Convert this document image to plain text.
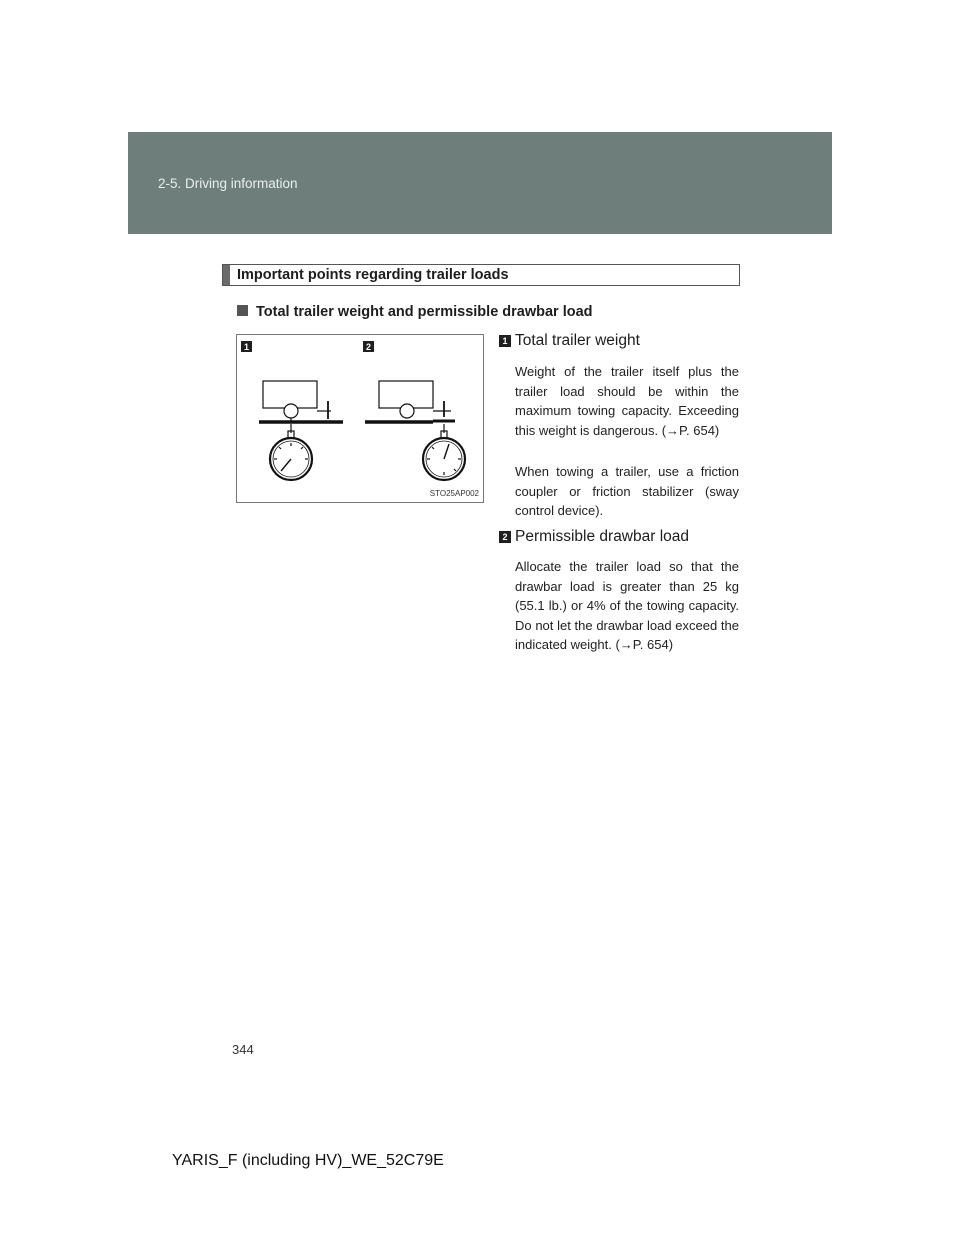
2-5. Driving information
Important points regarding trailer loads
Total trailer weight and permissible drawbar load
1	2
STO25AP002
1 Total trailer weight
Weight of the trailer itself plus the trailer load should be within the maximum towing capacity. Exceeding this weight is dangerous. (→P. 654)
When towing a trailer, use a friction coupler or friction stabilizer (sway control device).
2 Permissible drawbar load
Allocate the trailer load so that the drawbar load is greater than 25 kg (55.1 lb.) or 4% of the towing capacity. Do not let the drawbar load exceed the indicated weight. (→P. 654)
344
YARIS_F (including HV)_WE_52C79E
